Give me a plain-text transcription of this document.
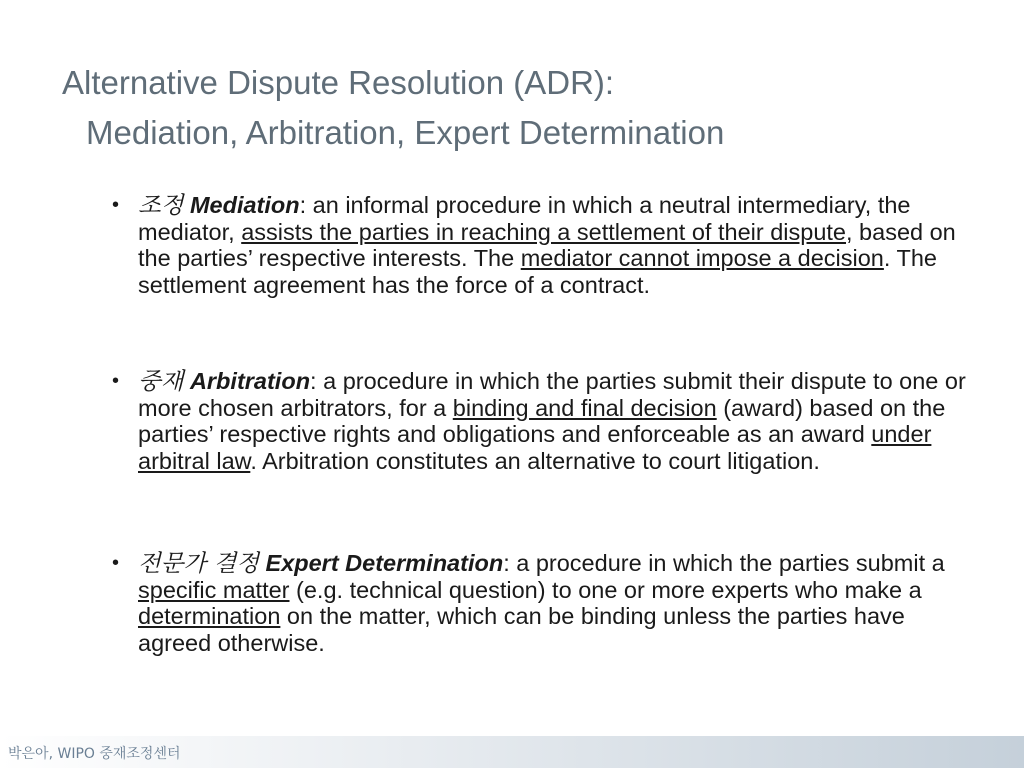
Alternative Dispute Resolution (ADR):
Mediation, Arbitration, Expert Determination
• 조정 Mediation: an informal procedure in which a neutral intermediary, the mediator, assists the parties in reaching a settlement of their dispute, based on the parties’ respective interests. The mediator cannot impose a decision. The settlement agreement has the force of a contract.
• 중재 Arbitration: a procedure in which the parties submit their dispute to one or more chosen arbitrators, for a binding and final decision (award) based on the parties’ respective rights and obligations and enforceable as an award under arbitral law. Arbitration constitutes an alternative to court litigation.
• 전문가 결정 Expert Determination: a procedure in which the parties submit a specific matter (e.g. technical question) to one or more experts who make a determination on the matter, which can be binding unless the parties have agreed otherwise.
박은아, WIPO 중재조정센터
